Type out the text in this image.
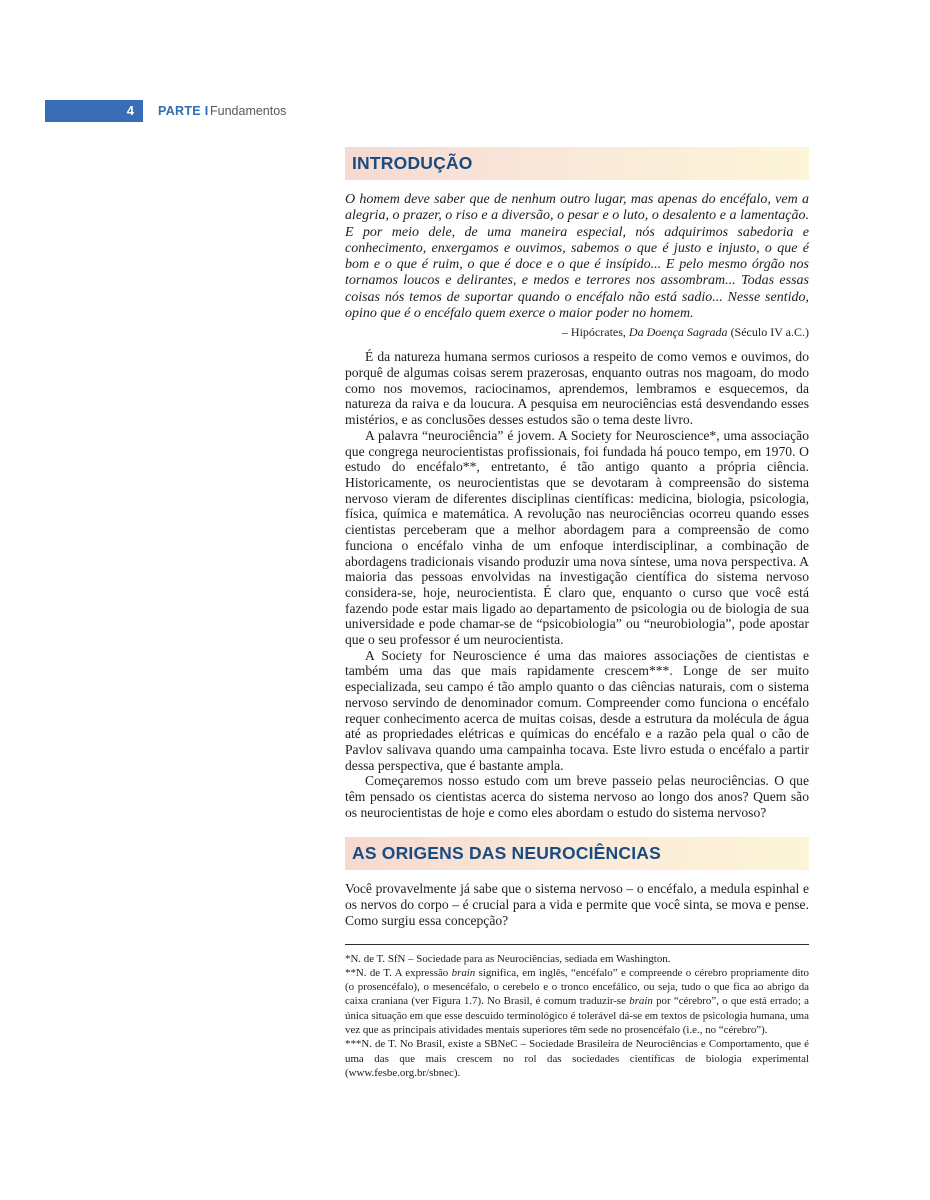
4	PARTE I Fundamentos
INTRODUÇÃO

O homem deve saber que de nenhum outro lugar, mas apenas do encéfalo, vem a alegria, o prazer, o riso e a diversão, o pesar e o luto, o desalento e a lamentação. E por meio dele, de uma maneira especial, nós adquirimos sabedoria e conhecimento, enxergamos e ouvimos, sabemos o que é justo e injusto, o que é bom e o que é ruim, o que é doce e o que é insípido... E pelo mesmo órgão nos tornamos loucos e delirantes, e medos e terrores nos assombram... Todas essas coisas nós temos de suportar quando o encéfalo não está sadio... Nesse sentido, opino que é o encéfalo quem exerce o maior poder no homem.

– Hipócrates, Da Doença Sagrada (Século IV a.C.)

É da natureza humana sermos curiosos a respeito de como vemos e ouvimos, do porquê de algumas coisas serem prazerosas, enquanto outras nos magoam, do modo como nos movemos, raciocinamos, aprendemos, lembramos e esquecemos, da natureza da raiva e da loucura. A pesquisa em neurociências está desvendando esses mistérios, e as conclusões desses estudos são o tema deste livro.

A palavra “neurociência” é jovem. A Society for Neuroscience*, uma associação que congrega neurocientistas profissionais, foi fundada há pouco tempo, em 1970. O estudo do encéfalo**, entretanto, é tão antigo quanto a própria ciência. Historicamente, os neurocientistas que se devotaram à compreensão do sistema nervoso vieram de diferentes disciplinas científicas: medicina, biologia, psicologia, física, química e matemática. A revolução nas neurociências ocorreu quando esses cientistas perceberam que a melhor abordagem para a compreensão de como funciona o encéfalo vinha de um enfoque interdisciplinar, a combinação de abordagens tradicionais visando produzir uma nova síntese, uma nova perspectiva. A maioria das pessoas envolvidas na investigação científica do sistema nervoso considera-se, hoje, neurocientista. É claro que, enquanto o curso que você está fazendo pode estar mais ligado ao departamento de psicologia ou de biologia de sua universidade e pode chamar-se de “psicobiologia” ou “neurobiologia”, pode apostar que o seu professor é um neurocientista.

A Society for Neuroscience é uma das maiores associações de cientistas e também uma das que mais rapidamente crescem***. Longe de ser muito especializada, seu campo é tão amplo quanto o das ciências naturais, com o sistema nervoso servindo de denominador comum. Compreender como funciona o encéfalo requer conhecimento acerca de muitas coisas, desde a estrutura da molécula de água até as propriedades elétricas e químicas do encéfalo e a razão pela qual o cão de Pavlov salivava quando uma campainha tocava. Este livro estuda o encéfalo a partir dessa perspectiva, que é bastante ampla.

Começaremos nosso estudo com um breve passeio pelas neurociências. O que têm pensado os cientistas acerca do sistema nervoso ao longo dos anos? Quem são os neurocientistas de hoje e como eles abordam o estudo do sistema nervoso?

AS ORIGENS DAS NEUROCIÊNCIAS

Você provavelmente já sabe que o sistema nervoso – o encéfalo, a medula espinhal e os nervos do corpo – é crucial para a vida e permite que você sinta, se mova e pense. Como surgiu essa concepção?

*N. de T. SfN – Sociedade para as Neurociências, sediada em Washington.

**N. de T. A expressão brain significa, em inglês, “encéfalo” e compreende o cérebro propriamente dito (o prosencéfalo), o mesencéfalo, o cerebelo e o tronco encefálico, ou seja, tudo o que fica ao abrigo da caixa craniana (ver Figura 1.7). No Brasil, é comum traduzir-se brain por “cérebro”, o que está errado; a única situação em que esse descuido terminológico é tolerável dá-se em textos de psicologia humana, uma vez que as principais atividades mentais superiores têm sede no prosencéfalo (i.e., no “cérebro”).

***N. de T. No Brasil, existe a SBNeC – Sociedade Brasileira de Neurociências e Comportamento, que é uma das que mais crescem no rol das sociedades científicas de biologia experimental (www.fesbe.org.br/sbnec).
